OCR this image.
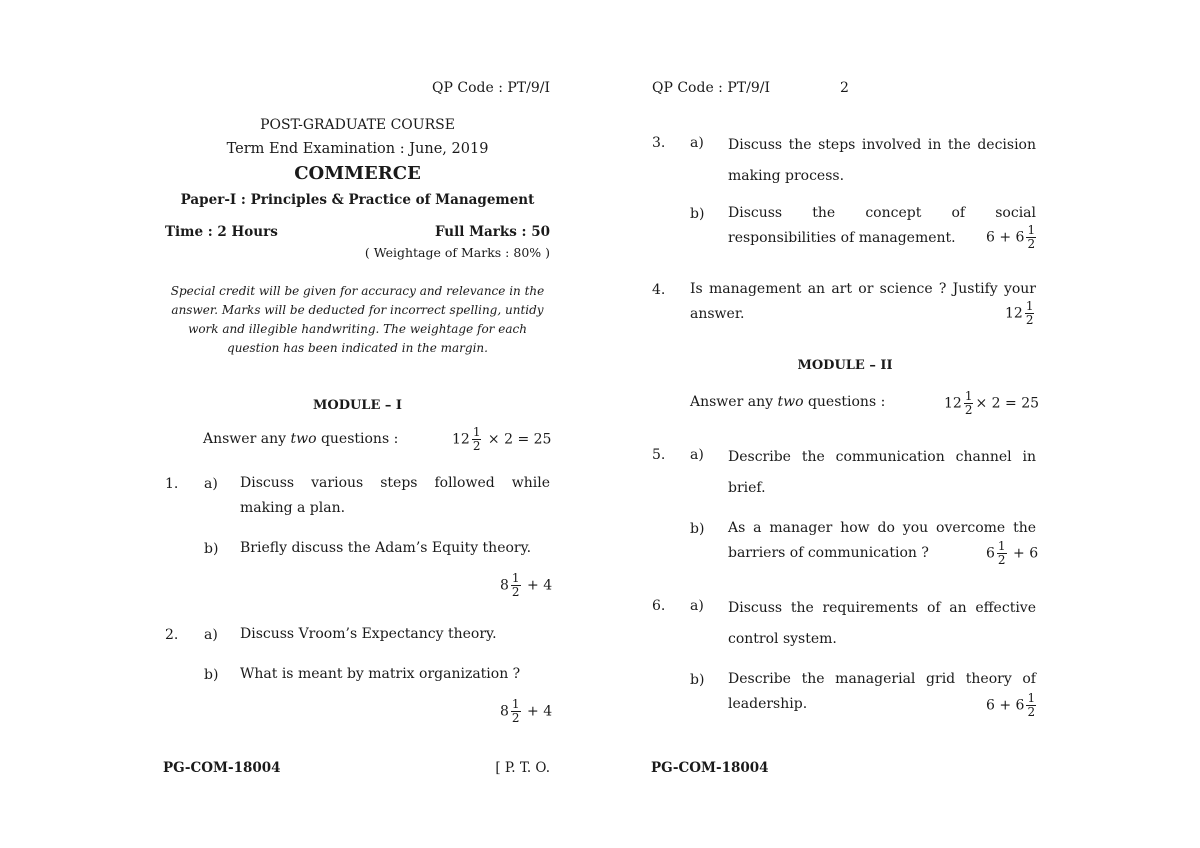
QP Code : PT/9/I
POST-GRADUATE COURSE
Term End Examination : June, 2019
COMMERCE
Paper-I : Principles & Practice of Management
Time : 2 Hours	Full Marks : 50
( Weightage of Marks : 80% )
Special credit will be given for accuracy and relevance in the
answer. Marks will be deducted for incorrect spelling, untidy
work and illegible handwriting. The weightage for each
question has been indicated in the margin.
MODULE – I
Answer any two questions :	$12 \frac{1}{2} \times 2 = 25$
1. a) Discuss various steps followed while
making a plan.
b) Briefly discuss the Adam’s Equity theory.
$8 \frac{1}{2} + 4$
2. a) Discuss Vroom’s Expectancy theory.
b) What is meant by matrix organization ?
$8 \frac{1}{2} + 4$
PG-COM-18004	[ P. T. O.
QP Code : PT/9/I	2
3. a) Discuss the steps involved in the decision
making process.
b) Discuss the concept of social
responsibilities of management.	$6 + 6 \frac{1}{2}$
4. Is management an art or science ? Justify your
answer.	$12 \frac{1}{2}$
MODULE – II
Answer any two questions :	$12 \frac{1}{2} \times 2 = 25$
5. a) Describe the communication channel in
brief.
b) As a manager how do you overcome the
barriers of communication ?	$6 \frac{1}{2} + 6$
6. a) Discuss the requirements of an effective
control system.
b) Describe the managerial grid theory of
leadership.	$6 + 6 \frac{1}{2}$
PG-COM-18004
